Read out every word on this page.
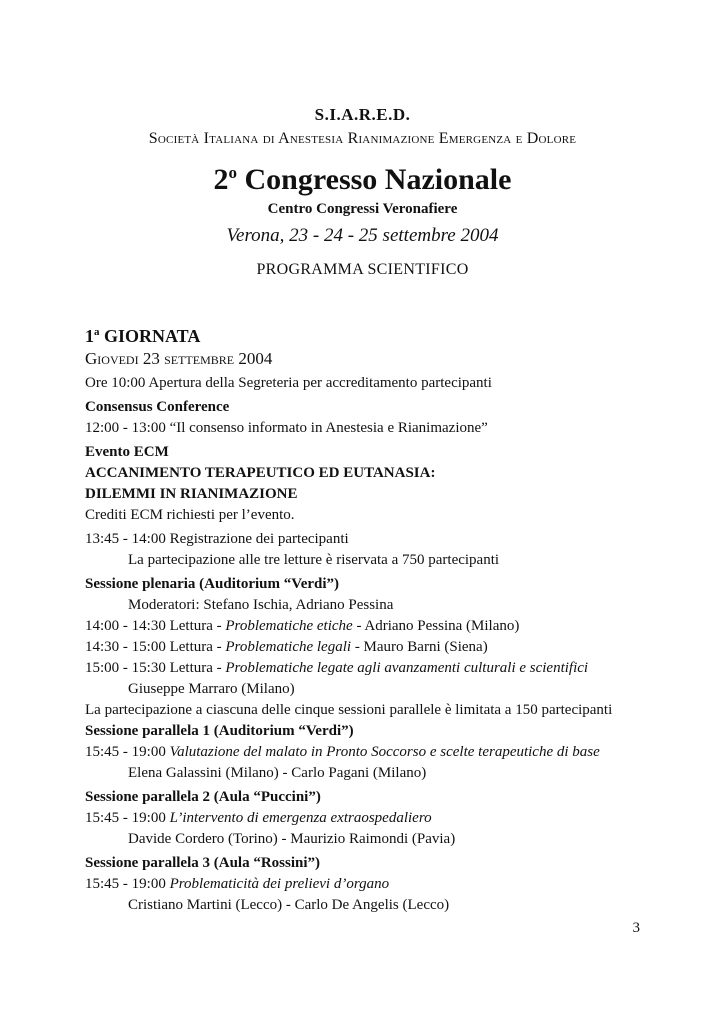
S.I.A.R.E.D.
Società Italiana di Anestesia Rianimazione Emergenza e Dolore
2$^o$ Congresso Nazionale
Centro Congressi Veronafiere
Verona, 23 - 24 - 25 settembre 2004
PROGRAMMA SCIENTIFICO
1$^a$ GIORNATA
Giovedi 23 settembre 2004
Ore 10:00 Apertura della Segreteria per accreditamento partecipanti
Consensus Conference
12:00 - 13:00 “Il consenso informato in Anestesia e Rianimazione”
Evento ECM
ACCANIMENTO TERAPEUTICO ED EUTANASIA:
DILEMMI IN RIANIMAZIONE
Crediti ECM richiesti per l’evento.
13:45 - 14:00 Registrazione dei partecipanti
La partecipazione alle tre letture è riservata a 750 partecipanti
Sessione plenaria (Auditorium “Verdi”)
Moderatori: Stefano Ischia, Adriano Pessina
14:00 - 14:30 Lettura - Problematiche etiche - Adriano Pessina (Milano)
14:30 - 15:00 Lettura - Problematiche legali - Mauro Barni (Siena)
15:00 - 15:30 Lettura - Problematiche legate agli avanzamenti culturali e scientifici
Giuseppe Marraro (Milano)
La partecipazione a ciascuna delle cinque sessioni parallele è limitata a 150 partecipanti
Sessione parallela 1 (Auditorium “Verdi”)
15:45 - 19:00 Valutazione del malato in Pronto Soccorso e scelte terapeutiche di base
Elena Galassini (Milano) - Carlo Pagani (Milano)
Sessione parallela 2 (Aula “Puccini”)
15:45 - 19:00 L’intervento di emergenza extraospedaliero
Davide Cordero (Torino) - Maurizio Raimondi (Pavia)
Sessione parallela 3 (Aula “Rossini”)
15:45 - 19:00 Problematicità dei prelievi d’organo
Cristiano Martini (Lecco) - Carlo De Angelis (Lecco)
3
